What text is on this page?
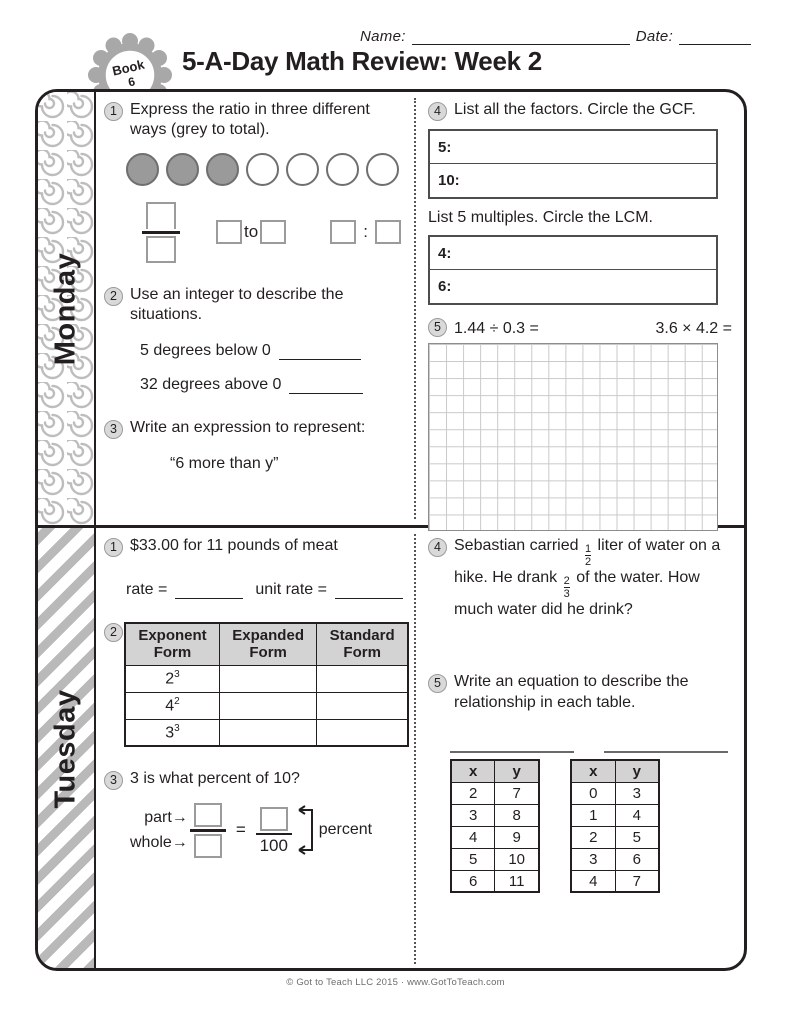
Name:	Date:
5-A-Day Math Review: Week 2
Book
6
Monday
1 Express the ratio in three different ways (grey to total).
to	:
2 Use an integer to describe the situations.
5 degrees below 0
32 degrees above 0
3 Write an expression to represent:
“6 more than y”
4 List all the factors. Circle the GCF.
5:
10:
List 5 multiples. Circle the LCM.
4:
6:
5 1.44 ÷ 0.3 =	3.6 × 4.2 =
Tuesday
1 $33.00 for 11 pounds of meat
rate =	unit rate =
2	Exponent Form	Expanded Form	Standard Form
$2^3$		
$4^2$		
$3^3$		
3 3 is what percent of 10?
part→
whole→
=
100
percent
4 Sebastian carried $\frac{1}{2}$ liter of water on a hike. He drank $\frac{2}{3}$ of the water. How much water did he drink?
5 Write an equation to describe the relationship in each table.
x	y
2	7
3	8
4	9
5	10
6	11
x	y
0	3
1	4
2	5
3	6
4	7
© Got to Teach LLC 2015 · www.GotToTeach.com
